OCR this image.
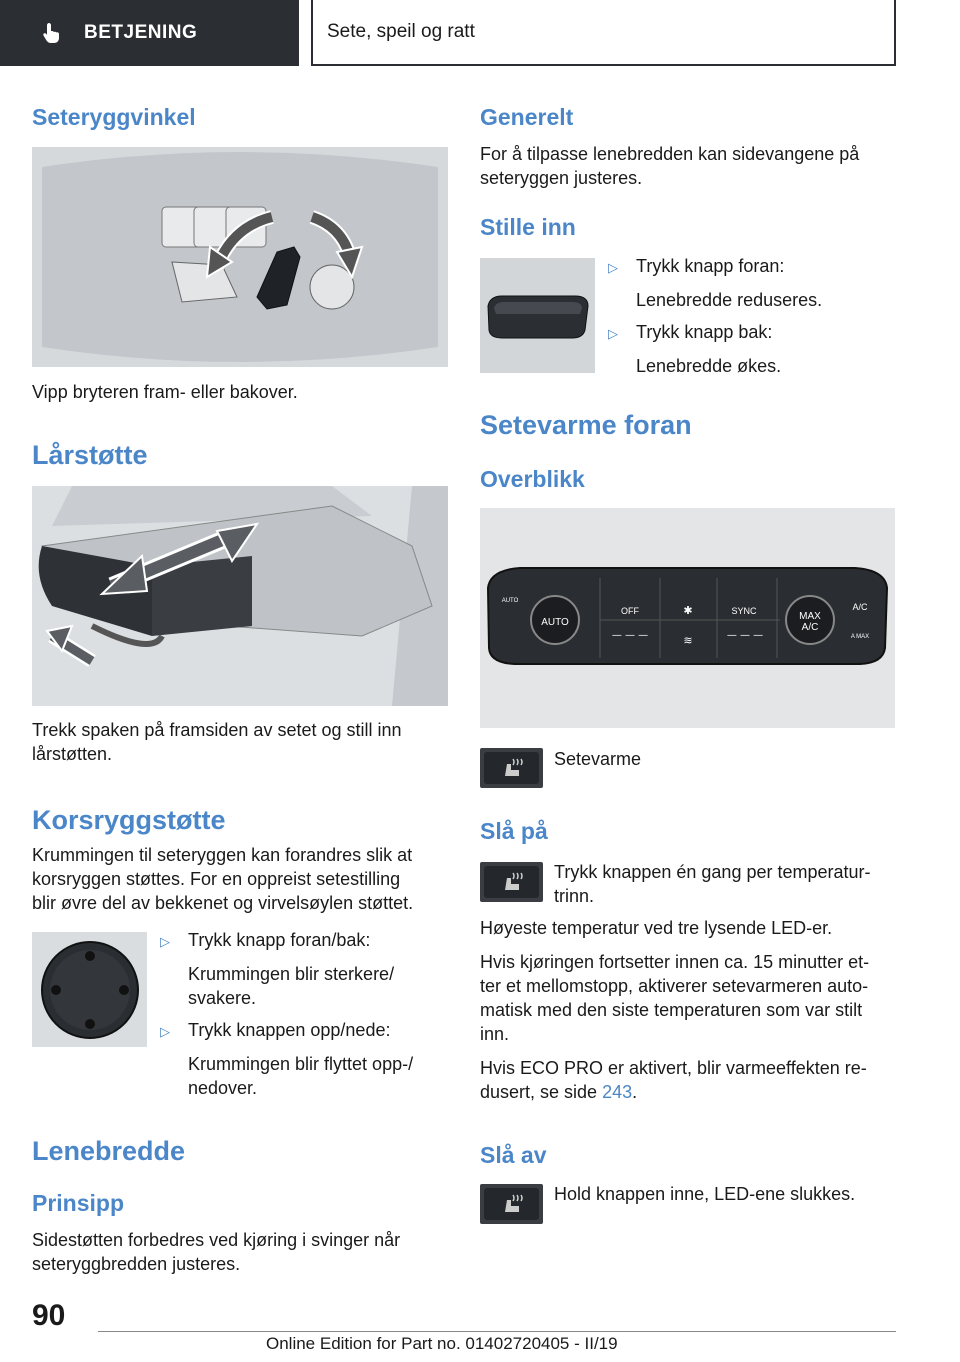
BETJENING	Sete, speil og ratt
Seteryggvinkel

Vipp bryteren fram- eller bakover.

Lårstøtte

Trekk spaken på framsiden av setet og still inn

lårstøtten.

Korsryggstøtte

Krummingen til seteryggen kan forandres slik at

korsryggen støttes. For en oppreist setestilling

blir øvre del av bekkenet og virvelsøylen støttet.

▷	Trykk knapp foran/bak:
Krummingen blir sterkere/
svakere.
▷	Trykk knappen opp/nede:
Krummingen blir flyttet opp-/
nedover.
Lenebredde
Prinsipp

Sidestøtten forbedres ved kjøring i svinger når

seteryggbredden justeres.

Generelt

For å tilpasse lenebredden kan sidevangene på

seteryggen justeres.

Stille inn
▷	Trykk knapp foran:
Lenebredde reduseres.
▷	Trykk knapp bak:
Lenebredde økes.
Setevarme foran
Overblikk
AUTO
MAX
A/C
OFF	SYNC	A/C
AUTO
A MAX
— — —	— — —
✱
≋

Setevarme

Slå på

Trykk knappen én gang per temperatur-

trinn.

Høyeste temperatur ved tre lysende LED-er.

Hvis kjøringen fortsetter innen ca. 15 minutter et-

ter et mellomstopp, aktiverer setevarmeren auto-

matisk med den siste temperaturen som var stilt

inn.

Hvis ECO PRO er aktivert, blir varmeeffekten re-

dusert, se side 243.

Slå av

Hold knappen inne, LED-ene slukkes.

90
Online Edition for Part no. 01402720405 - II/19
